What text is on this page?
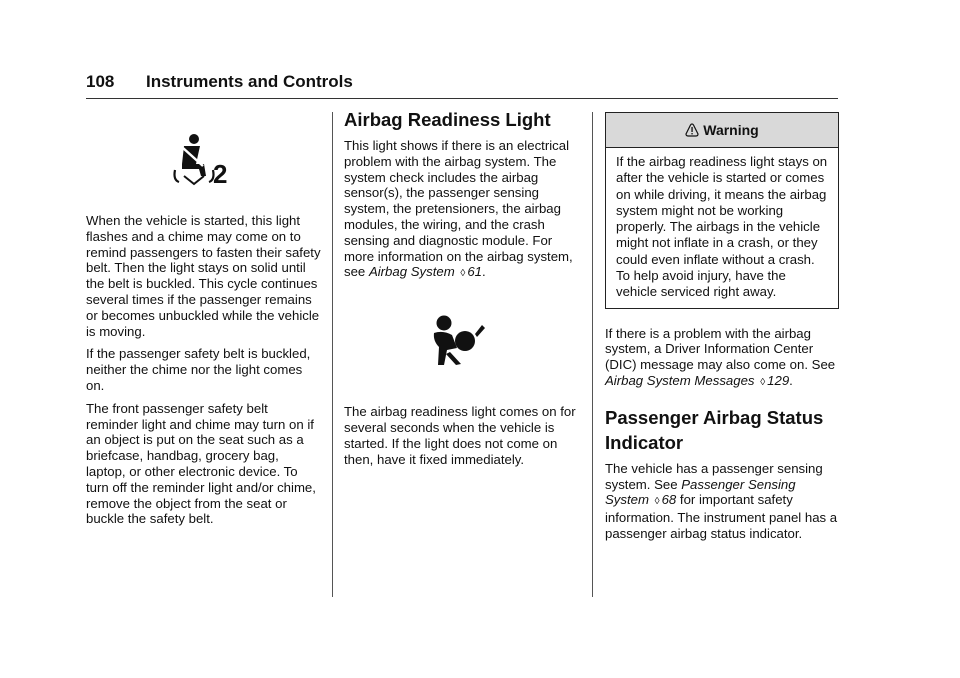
108 Instruments and Controls
2

When the vehicle is started, this light flashes and a chime may come on to remind passengers to fasten their safety belt. Then the light stays on solid until the belt is buckled. This cycle continues several times if the passenger remains or becomes unbuckled while the vehicle is moving.

If the passenger safety belt is buckled, neither the chime nor the light comes on.

The front passenger safety belt reminder light and chime may turn on if an object is put on the seat such as a briefcase, handbag, grocery bag, laptop, or other electronic device. To turn off the reminder light and/or chime, remove the object from the seat or buckle the safety belt.

Airbag Readiness Light

This light shows if there is an electrical problem with the airbag system. The system check includes the airbag sensor(s), the passenger sensing system, the pretensioners, the airbag modules, the wiring, and the crash sensing and diagnostic module. For more information on the airbag system, see Airbag System ◊ 61.

The airbag readiness light comes on for several seconds when the vehicle is started. If the light does not come on then, have it fixed immediately.

Warning
If the airbag readiness light stays on after the vehicle is started or comes on while driving, it means the airbag system might not be working properly. The airbags in the vehicle might not inflate in a crash, or they could even inflate without a crash. To help avoid injury, have the vehicle serviced right away.

If there is a problem with the airbag system, a Driver Information Center (DIC) message may also come on. See Airbag System Messages ◊ 129.

Passenger Airbag Status Indicator

The vehicle has a passenger sensing system. See Passenger Sensing System ◊ 68 for important safety information. The instrument panel has a passenger airbag status indicator.
